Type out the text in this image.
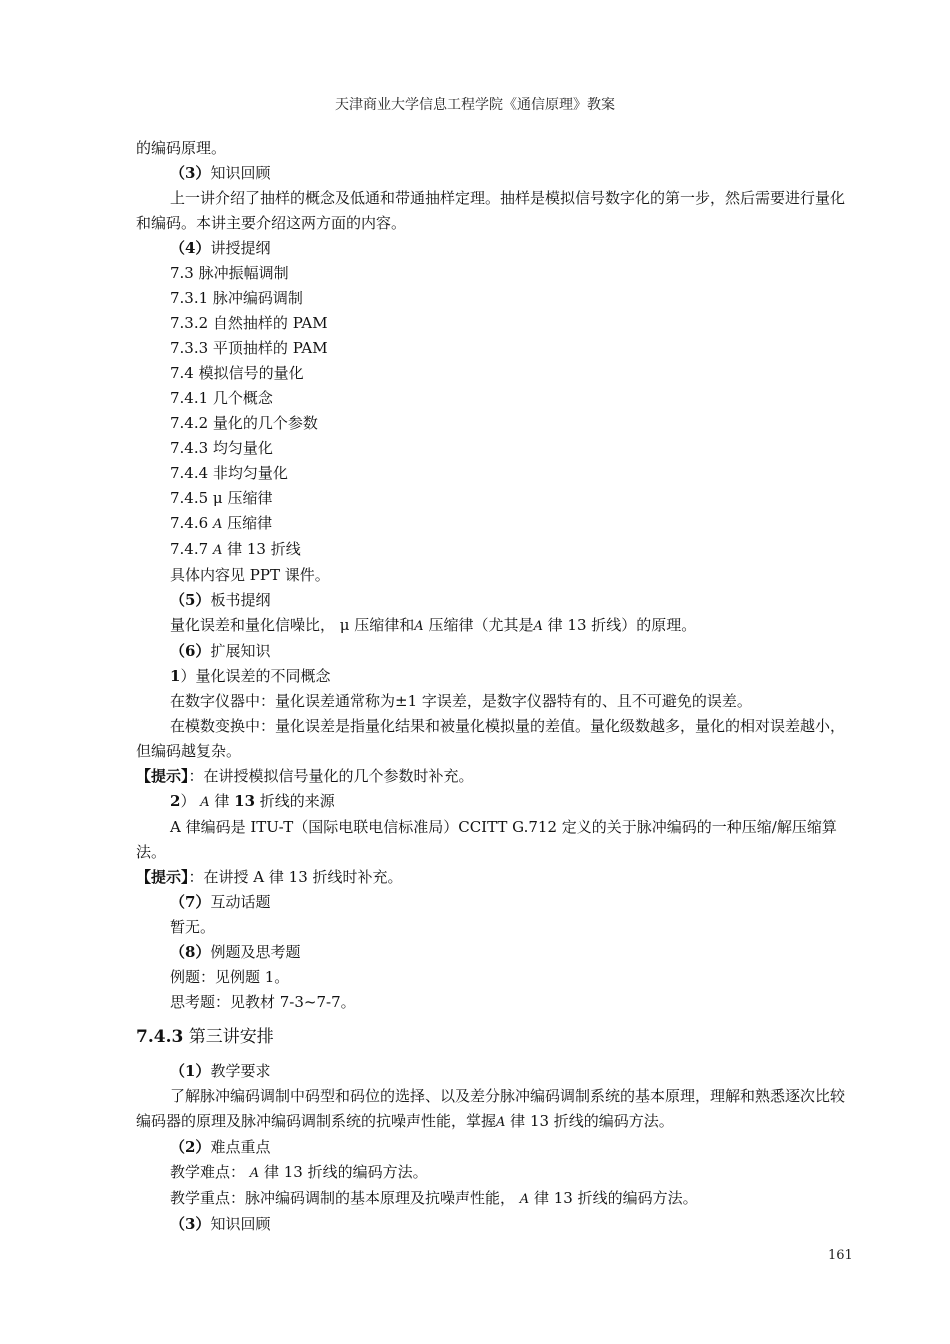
天津商业大学信息工程学院《通信原理》教案

的编码原理。

（3）知识回顾

上一讲介绍了抽样的概念及低通和带通抽样定理。抽样是模拟信号数字化的第一步，然后需要进行量化和编码。本讲主要介绍这两方面的内容。

（4）讲授提纲

7.3 脉冲振幅调制

7.3.1 脉冲编码调制

7.3.2 自然抽样的 PAM

7.3.3 平顶抽样的 PAM

7.4 模拟信号的量化

7.4.1 几个概念

7.4.2 量化的几个参数

7.4.3 均匀量化

7.4.4 非均匀量化

7.4.5 μ 压缩律

7.4.6 A 压缩律

7.4.7 A 律 13 折线

具体内容见 PPT 课件。

（5）板书提纲

量化误差和量化信噪比， μ 压缩律和A 压缩律（尤其是A 律 13 折线）的原理。

（6）扩展知识

1）量化误差的不同概念

在数字仪器中：量化误差通常称为±1 字误差，是数字仪器特有的、且不可避免的误差。

在模数变换中：量化误差是指量化结果和被量化模拟量的差值。量化级数越多，量化的相对误差越小，但编码越复杂。

【提示】：在讲授模拟信号量化的几个参数时补充。

2） A 律 13 折线的来源

A 律编码是 ITU-T（国际电联电信标准局）CCITT G.712 定义的关于脉冲编码的一种压缩/解压缩算法。

【提示】：在讲授 A 律 13 折线时补充。

（7）互动话题

暂无。

（8）例题及思考题

例题：见例题 1。

思考题：见教材 7-3~7-7。

7.4.3 第三讲安排

（1）教学要求

了解脉冲编码调制中码型和码位的选择、以及差分脉冲编码调制系统的基本原理，理解和熟悉逐次比较编码器的原理及脉冲编码调制系统的抗噪声性能，掌握A 律 13 折线的编码方法。

（2）难点重点

教学难点： A 律 13 折线的编码方法。

教学重点：脉冲编码调制的基本原理及抗噪声性能， A 律 13 折线的编码方法。

（3）知识回顾

161
